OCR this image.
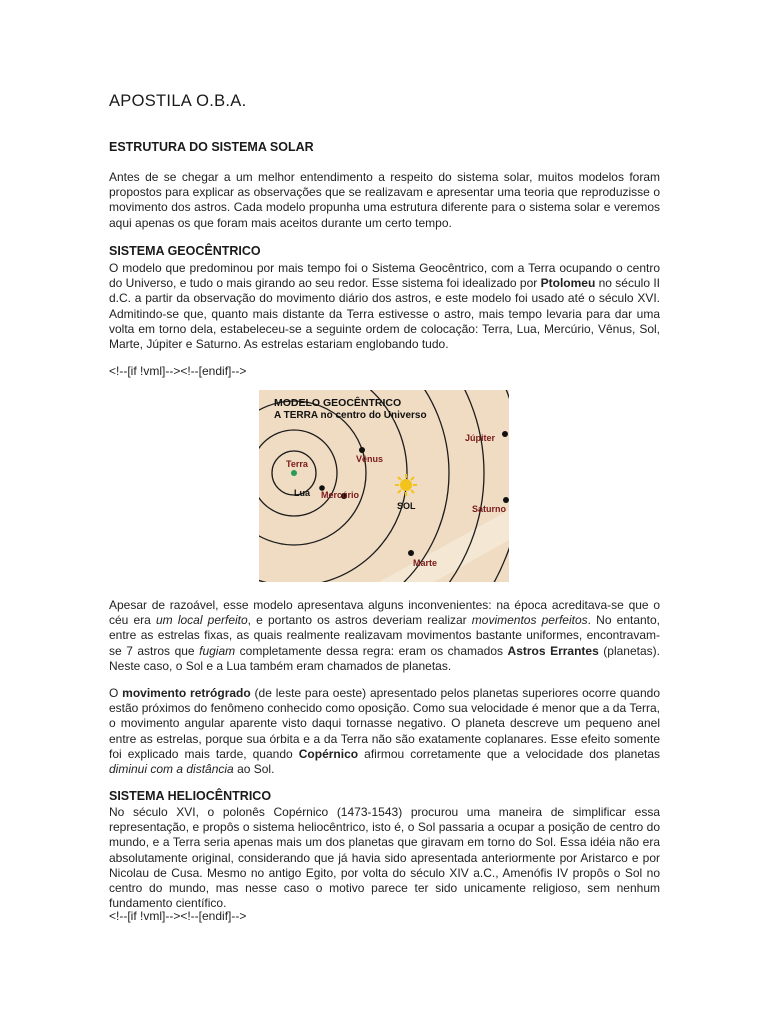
APOSTILA O.B.A.
ESTRUTURA DO SISTEMA SOLAR

Antes de se chegar a um melhor entendimento a respeito do sistema solar, muitos modelos foram propostos para explicar as observações que se realizavam e apresentar uma teoria que reproduzisse o movimento dos astros. Cada modelo propunha uma estrutura diferente para o sistema solar e veremos aqui apenas os que foram mais aceitos durante um certo tempo.

SISTEMA GEOCÊNTRICO

O modelo que predominou por mais tempo foi o Sistema Geocêntrico, com a Terra ocupando o centro do Universo, e tudo o mais girando ao seu redor. Esse sistema foi idealizado por Ptolomeu no século II d.C. a partir da observação do movimento diário dos astros, e este modelo foi usado até o século XVI. Admitindo-se que, quanto mais distante da Terra estivesse o astro, mais tempo levaria para dar uma volta em torno dela, estabeleceu-se a seguinte ordem de colocação: Terra, Lua, Mercúrio, Vênus, Sol, Marte, Júpiter e Saturno. As estrelas estariam englobando tudo.

<!--[if !vml]--><!--[endif]-->

MODELO GEOCÊNTRICO
A TERRA no centro do Universo
Terra
Lua Mercúrio
Vênus
SOL
Marte
Júpiter
Saturno

Apesar de razoável, esse modelo apresentava alguns inconvenientes: na época acreditava-se que o céu era um local perfeito, e portanto os astros deveriam realizar movimentos perfeitos. No entanto, entre as estrelas fixas, as quais realmente realizavam movimentos bastante uniformes, encontravam-se 7 astros que fugiam completamente dessa regra: eram os chamados Astros Errantes (planetas). Neste caso, o Sol e a Lua também eram chamados de planetas.

O movimento retrógrado (de leste para oeste) apresentado pelos planetas superiores ocorre quando estão próximos do fenômeno conhecido como oposição. Como sua velocidade é menor que a da Terra, o movimento angular aparente visto daqui tornasse negativo. O planeta descreve um pequeno anel entre as estrelas, porque sua órbita e a da Terra não são exatamente coplanares. Esse efeito somente foi explicado mais tarde, quando Copérnico afirmou corretamente que a velocidade dos planetas diminui com a distância ao Sol.

SISTEMA HELIOCÊNTRICO

No século XVI, o polonês Copérnico (1473-1543) procurou uma maneira de simplificar essa representação, e propôs o sistema heliocêntrico, isto é, o Sol passaria a ocupar a posição de centro do mundo, e a Terra seria apenas mais um dos planetas que giravam em torno do Sol. Essa idéia não era absolutamente original, considerando que já havia sido apresentada anteriormente por Aristarco e por Nicolau de Cusa. Mesmo no antigo Egito, por volta do século XIV a.C., Amenófis IV propôs o Sol no centro do mundo, mas nesse caso o motivo parece ter sido unicamente religioso, sem nenhum fundamento científico.

<!--[if !vml]--><!--[endif]-->
